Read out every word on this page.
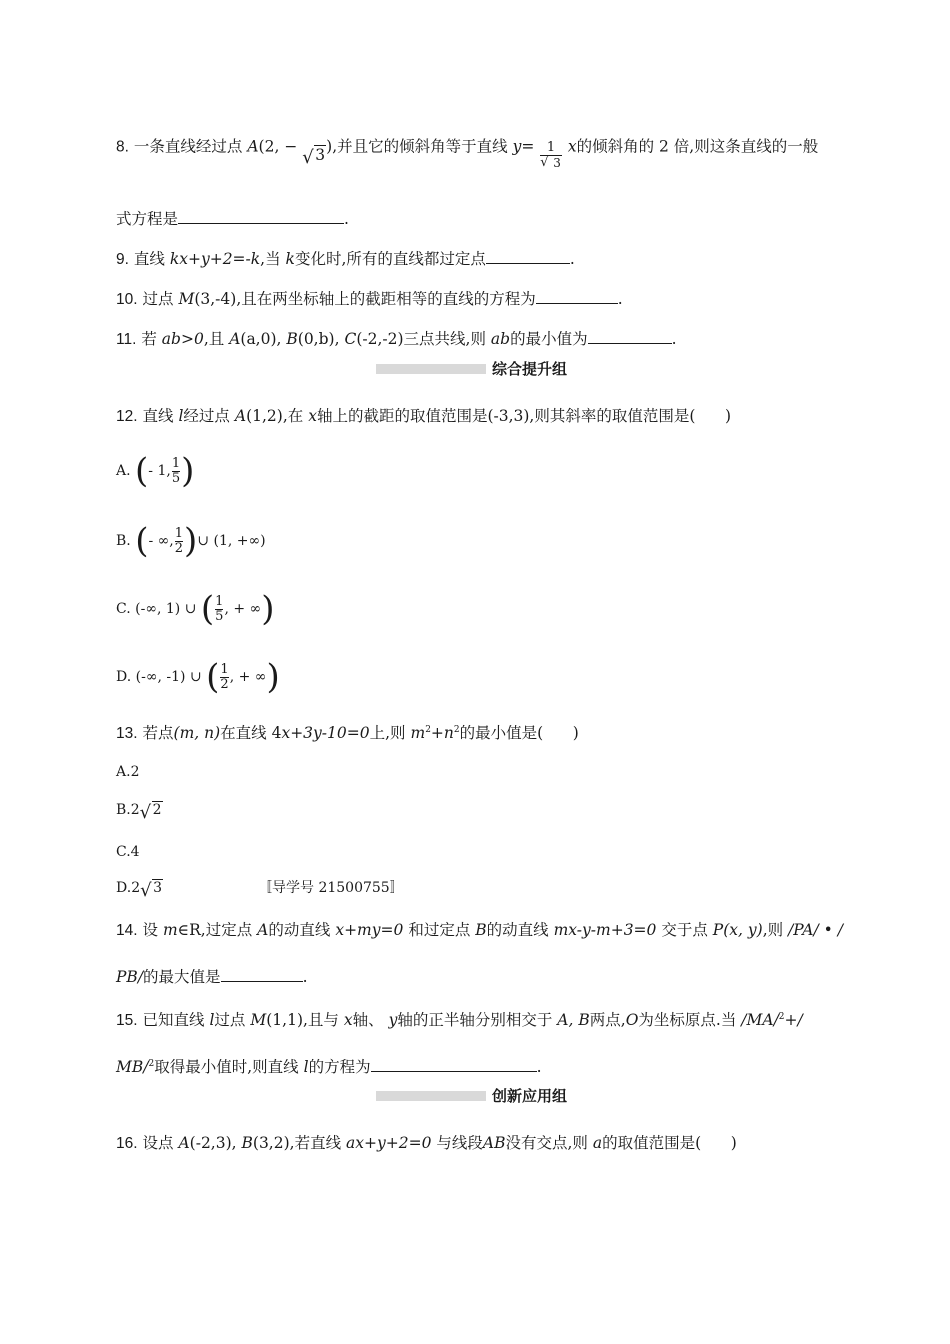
8. 一条直线经过点 A(2, − √ 3),并且它的倾斜角等于直线 $y= \frac{1}{√ 3}$ x的倾斜角的 2 倍,则这条直线的一般
式方程是	.
9. 直线 kx+y+2=-k,当 k变化时,所有的直线都过定点	.
10. 过点 M(3,-4),且在两坐标轴上的截距相等的直线的方程为	.
11. 若 ab>0,且 A(a,0), B(0,b), C(-2,-2)三点共线,则 ab的最小值为	.
综合提升组
12. 直线 l经过点 A(1,2),在 x轴上的截距的取值范围是(-3,3),则其斜率的取值范围是( )
A. (- 1, $\frac{1}{5}$ )
B. (- ∞, $\frac{1}{2}$ )∪ (1, +∞)
C. (-∞, 1) ∪ ( $\frac{1}{5}$ , + ∞)
D. (-∞, -1) ∪ ( $\frac{1}{2}$ , + ∞)
13. 若点(m, n)在直线 4x+3y-10=0上,则 $m^2+n^2$的最小值是( )
A.2
B.2 √ 2
C.4
D.2 √ 3	〚导学号 21500755〛
14. 设 m∈R,过定点 A的动直线 x+my=0 和过定点 B的动直线 mx-y-m+3=0 交于点 P(x, y),则 /PA/ • /
PB/的最大值是	.
15. 已知直线 l过点 M(1,1),且与 x轴、 y轴的正半轴分别相交于 A, B两点,O为坐标原点.当 /MA/$^2$+/
MB/$^2$取得最小值时,则直线 l的方程为	.
创新应用组
16. 设点 A(-2,3), B(3,2),若直线 ax+y+2=0 与线段AB没有交点,则 a的取值范围是( )
